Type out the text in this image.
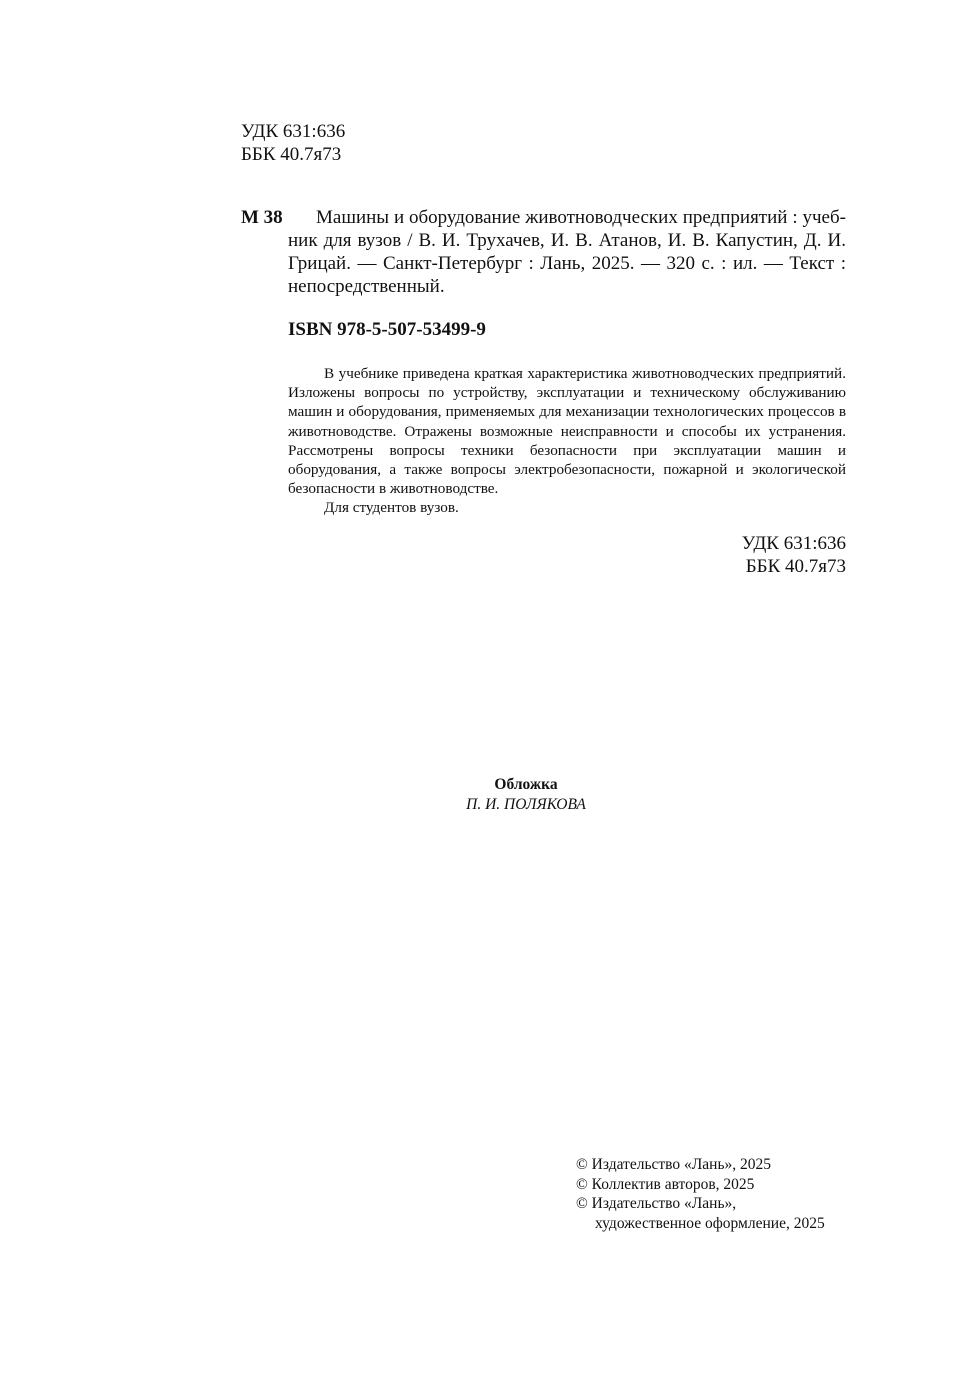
УДК 631:636
ББК 40.7я73
М 38	Машины и оборудование животноводческих предприятий : учебник для вузов / В. И. Трухачев, И. В. Атанов, И. В. Капустин, Д. И. Грицай. — Санкт-Петербург : Лань, 2025. — 320 с. : ил. — Текст : непосредственный.
ISBN 978-5-507-53499-9

В учебнике приведена краткая характеристика животноводческих предприятий. Изложены вопросы по устройству, эксплуатации и техническому обслуживанию машин и оборудования, применяемых для механизации технологических процессов в животноводстве. Отражены возможные неисправности и способы их устранения. Рассмотрены вопросы техники безопасности при эксплуатации машин и оборудования, а также вопросы электробезопасности, пожарной и экологической безопасности в животноводстве.

Для студентов вузов.

УДК 631:636
ББК 40.7я73
Обложка
П. И. ПОЛЯКОВА
© Издательство «Лань», 2025
© Коллектив авторов, 2025
© Издательство «Лань»,
художественное оформление, 2025
